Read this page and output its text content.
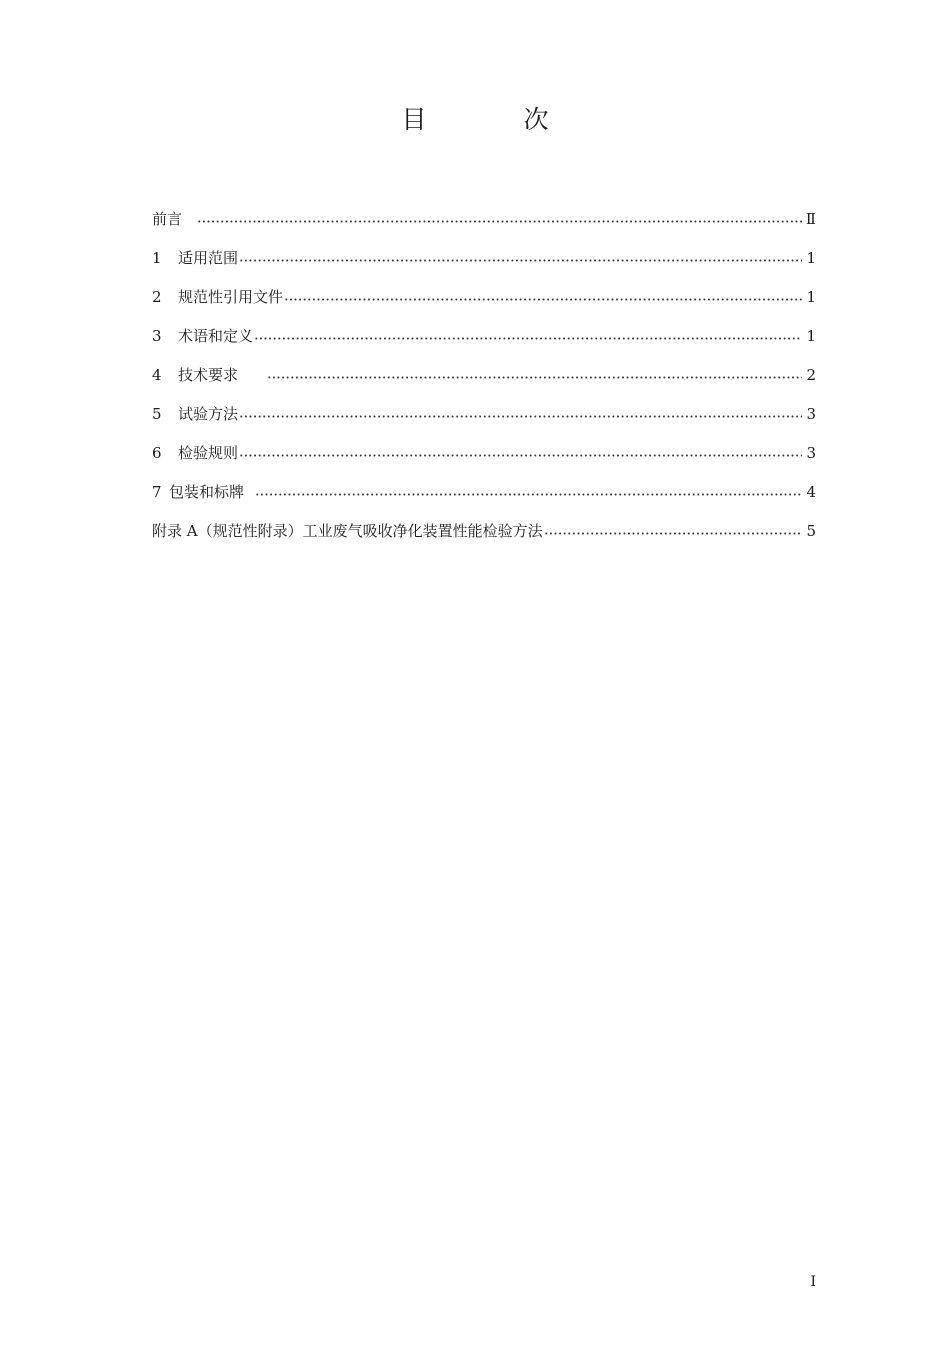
目　次
前言	Ⅱ
1	适用范围	1
2	规范性引用文件	1
3	术语和定义	1
4	技术要求	2
5	试验方法	3
6	检验规则	3
7 包装和标牌	4
附录 A（规范性附录）工业废气吸收净化装置性能检验方法	5
I
